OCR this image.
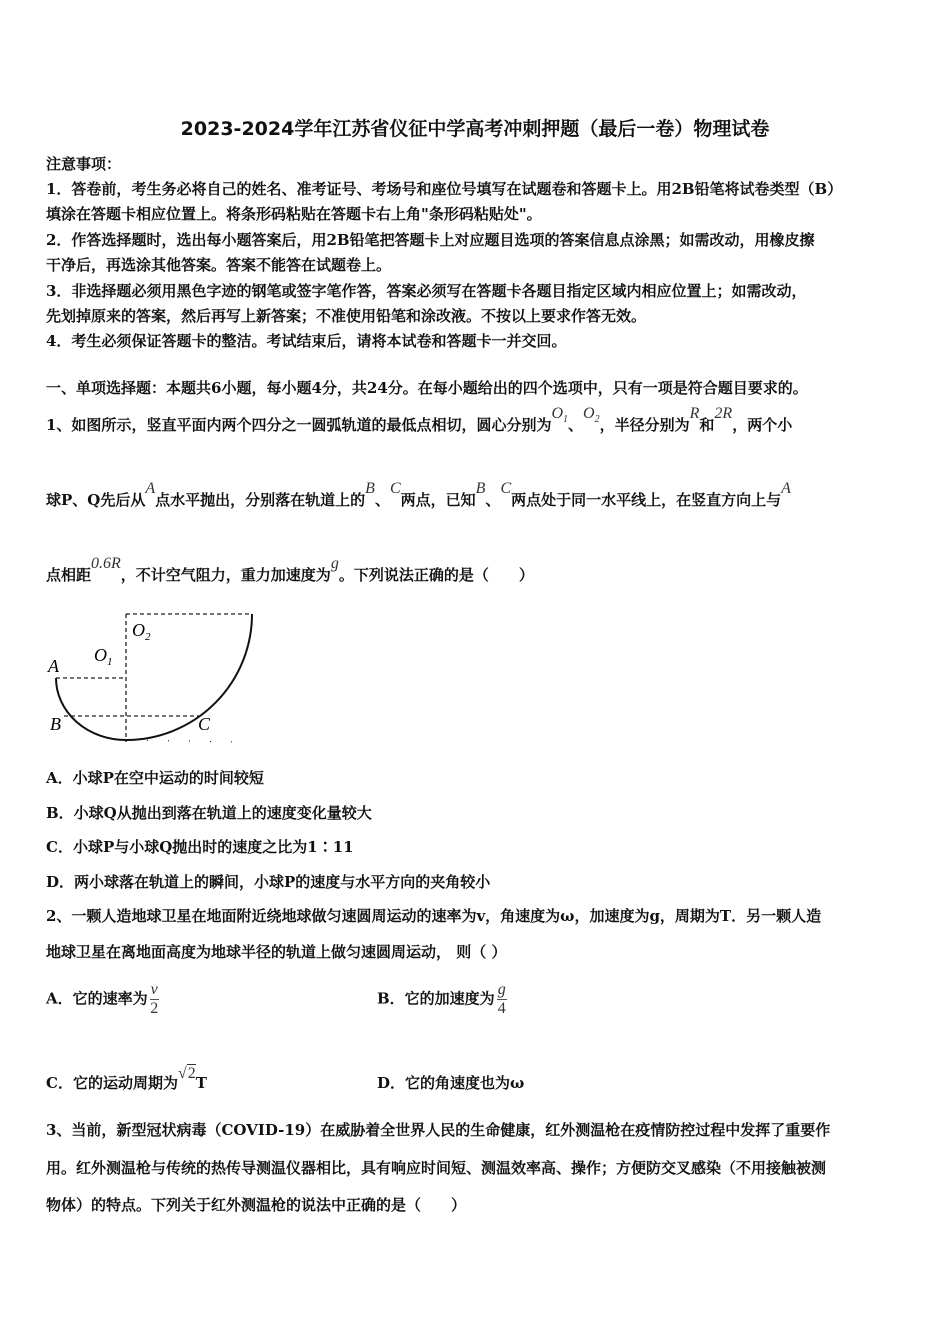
2023-2024学年江苏省仪征中学高考冲刺押题（最后一卷）物理试卷
注意事项：
1．答卷前，考生务必将自己的姓名、准考证号、考场号和座位号填写在试题卷和答题卡上。用2B铅笔将试卷类型（B）
填涂在答题卡相应位置上。将条形码粘贴在答题卡右上角"条形码粘贴处"。
2．作答选择题时，选出每小题答案后，用2B铅笔把答题卡上对应题目选项的答案信息点涂黑；如需改动，用橡皮擦
干净后，再选涂其他答案。答案不能答在试题卷上。
3．非选择题必须用黑色字迹的钢笔或签字笔作答，答案必须写在答题卡各题目指定区域内相应位置上；如需改动，
先划掉原来的答案，然后再写上新答案；不准使用铅笔和涂改液。不按以上要求作答无效。
4．考生必须保证答题卡的整洁。考试结束后，请将本试卷和答题卡一并交回。
一、单项选择题：本题共6小题，每小题4分，共24分。在每小题给出的四个选项中，只有一项是符合题目要求的。
1、如图所示，竖直平面内两个四分之一圆弧轨道的最低点相切，圆心分别为$O_1$、$O_2$，半径分别为R和2R，两个小
球P、Q先后从A点水平抛出，分别落在轨道上的B、C两点，已知B、C两点处于同一水平线上，在竖直方向上与A
点相距0.6R，不计空气阻力，重力加速度为g。下列说法正确的是（　　）
A
B	C
$O_1$
$O_2$
A．小球P在空中运动的时间较短
B．小球Q从抛出到落在轨道上的速度变化量较大
C．小球P与小球Q抛出时的速度之比为1∶11
D．两小球落在轨道上的瞬间，小球P的速度与水平方向的夹角较小
2、一颗人造地球卫星在地面附近绕地球做匀速圆周运动的速率为v，角速度为ω，加速度为g，周期为T．另一颗人造
地球卫星在离地面高度为地球半径的轨道上做匀速圆周运动， 则（ ）
A．它的速率为 $\frac{v}{2}$	B．它的加速度为 $\frac{g}{4}$
C．它的运动周期为√2T	D．它的角速度也为ω
3、当前，新型冠状病毒（COVID-19）在威胁着全世界人民的生命健康，红外测温枪在疫情防控过程中发挥了重要作
用。红外测温枪与传统的热传导测温仪器相比，具有响应时间短、测温效率高、操作；方便防交叉感染（不用接触被测
物体）的特点。下列关于红外测温枪的说法中正确的是（　　）
